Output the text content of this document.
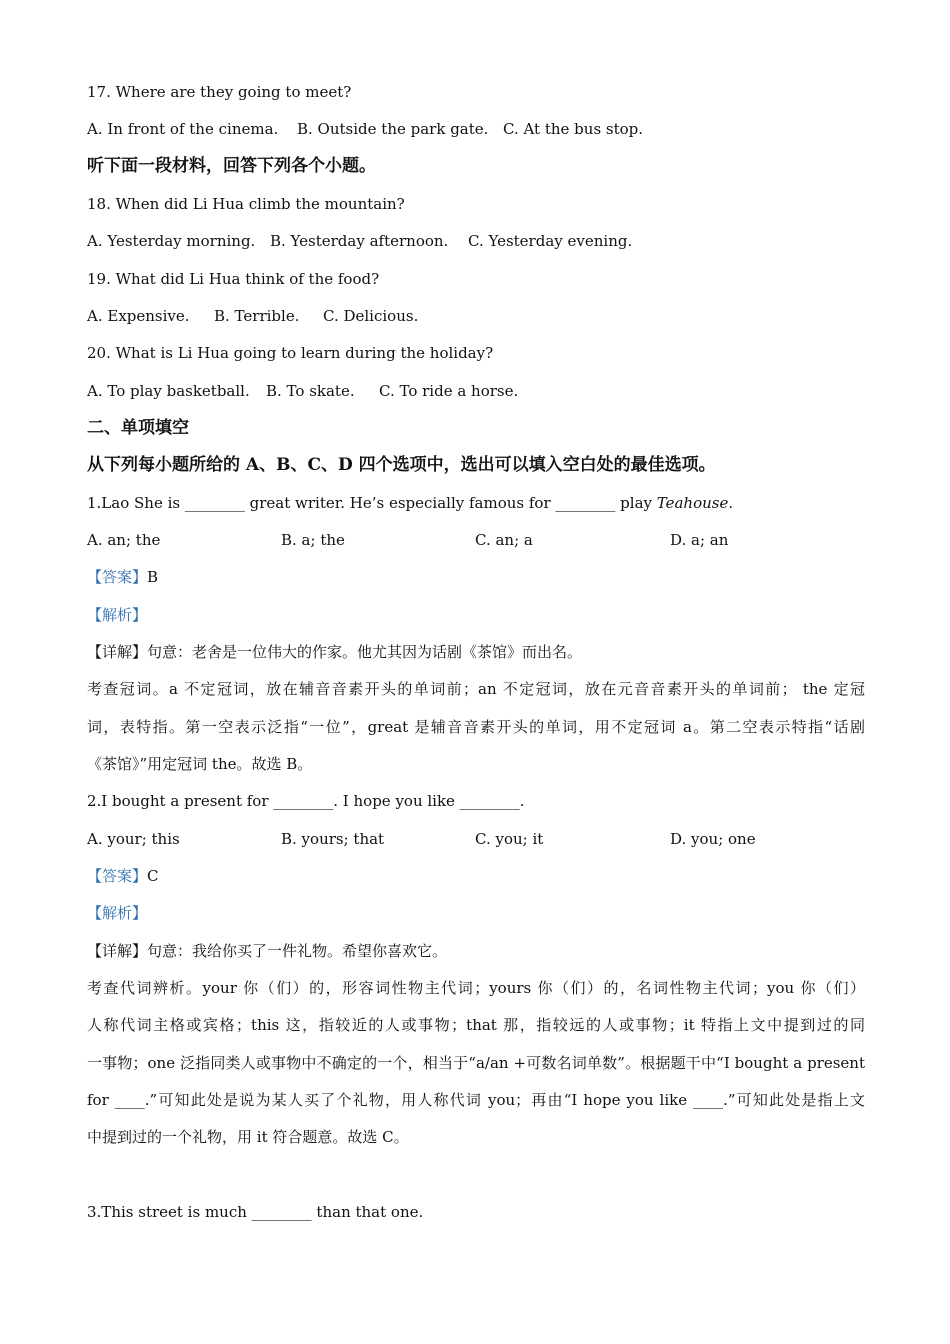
17. Where are they going to meet?
A. In front of the cinema. B. Outside the park gate. C. At the bus stop.
听下面一段材料，回答下列各个小题。
18. When did Li Hua climb the mountain?
A. Yesterday morning. B. Yesterday afternoon. C. Yesterday evening.
19. What did Li Hua think of the food?
A. Expensive. B. Terrible. C. Delicious.
20. What is Li Hua going to learn during the holiday?
A. To play basketball. B. To skate. C. To ride a horse.
二、单项填空
从下列每小题所给的 A、B、C、D 四个选项中，选出可以填入空白处的最佳选项。
1.Lao She is ________ great writer. He’s especially famous for ________ play Teahouse.
A. an; the	B. a; the	C. an; a	D. a; an
【答案】B
【解析】
【详解】句意：老舍是一位伟大的作家。他尤其因为话剧《茶馆》而出名。
考查冠词。a 不定冠词，放在辅音音素开头的单词前；an 不定冠词，放在元音音素开头的单词前； the 定冠
词，表特指。第一空表示泛指“一位”，great 是辅音音素开头的单词，用不定冠词 a。第二空表示特指“话剧
《茶馆》”用定冠词 the。故选 B。
2.I bought a present for ________. I hope you like ________.
A. your; this	B. yours; that	C. you; it	D. you; one
【答案】C
【解析】
【详解】句意：我给你买了一件礼物。希望你喜欢它。
考查代词辨析。your 你（们）的，形容词性物主代词；yours 你（们）的，名词性物主代词；you 你（们）
人称代词主格或宾格；this 这，指较近的人或事物；that 那，指较远的人或事物；it 特指上文中提到过的同
一事物；one 泛指同类人或事物中不确定的一个，相当于“a/an +可数名词单数”。根据题干中“I bought a present
for ____.”可知此处是说为某人买了个礼物，用人称代词 you；再由“I hope you like ____.”可知此处是指上文
中提到过的一个礼物，用 it 符合题意。故选 C。
3.This street is much ________ than that one.
